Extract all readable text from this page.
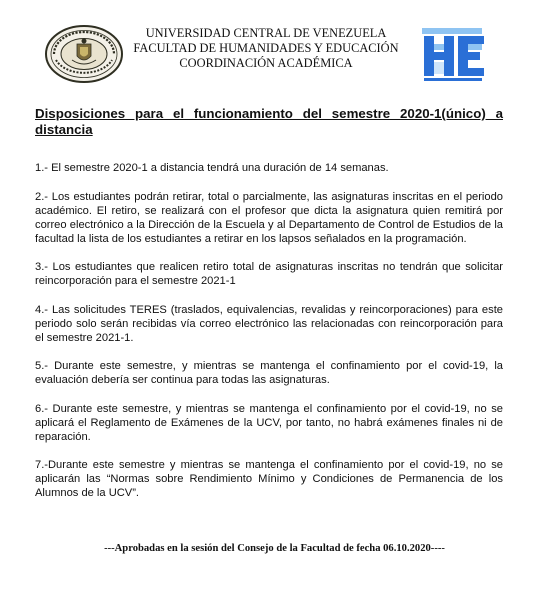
UNIVERSIDAD CENTRAL DE VENEZUELA
FACULTAD DE HUMANIDADES Y EDUCACIÓN
COORDINACIÓN ACADÉMICA
Disposiciones para el funcionamiento del semestre 2020-1(único) a distancia

1.- El semestre 2020-1 a distancia tendrá una duración de 14 semanas.

2.- Los estudiantes podrán retirar, total o parcialmente, las asignaturas inscritas en el periodo académico. El retiro, se realizará con el profesor que dicta la asignatura quien remitirá por correo electrónico a la Dirección de la Escuela y al Departamento de Control de Estudios de la facultad la lista de los estudiantes a retirar en los lapsos señalados en la programación.

3.- Los estudiantes que realicen retiro total de asignaturas inscritas no tendrán que solicitar reincorporación para el semestre 2021-1

4.- Las solicitudes TERES (traslados, equivalencias, revalidas y reincorporaciones) para este periodo solo serán recibidas vía correo electrónico las relacionadas con reincorporación para el semestre 2021-1.

5.- Durante este semestre, y mientras se mantenga el confinamiento por el covid-19, la evaluación debería ser continua para todas las asignaturas.

6.- Durante este semestre, y mientras se mantenga el confinamiento por el covid-19, no se aplicará el Reglamento de Exámenes de la UCV, por tanto, no habrá exámenes finales ni de reparación.

7.-Durante este semestre y mientras se mantenga el confinamiento por el covid-19, no se aplicarán las “Normas sobre Rendimiento Mínimo y Condiciones de Permanencia de los Alumnos de la UCV”.

---Aprobadas en la sesión del Consejo de la Facultad de fecha 06.10.2020----
